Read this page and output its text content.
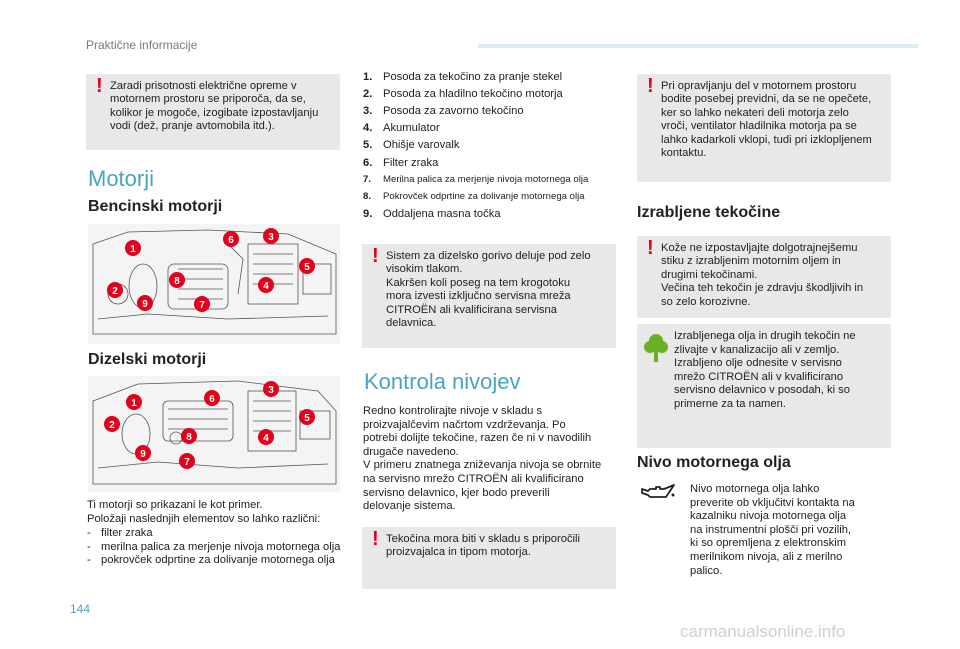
Praktične informacije
! Zaradi prisotnosti električne opreme v
motornem prostoru se priporoča, da se,
kolikor je mogoče, izogibate izpostavljanju
vodi (dež, pranje avtomobila itd.).
Motorji
Bencinski motorji
1
2
3
4
5
6
7
8
9
Dizelski motorji
1
2
3
4
5
6
7
8
9
Ti motorji so prikazani le kot primer.
Položaji naslednjih elementov so lahko različni:
- filter zraka
- merilna palica za merjenje nivoja motornega olja
- pokrovček odprtine za dolivanje motornega olja
1. Posoda za tekočino za pranje stekel
2. Posoda za hladilno tekočino motorja
3. Posoda za zavorno tekočino
4. Akumulator
5. Ohišje varovalk
6. Filter zraka
7.	Merilna palica za merjenje nivoja motornega olja
8.	Pokrovček odprtine za dolivanje motornega olja
9. Oddaljena masna točka
! Sistem za dizelsko gorivo deluje pod zelo
visokim tlakom.
Kakršen koli poseg na tem krogotoku
mora izvesti izključno servisna mreža
CITROËN ali kvalificirana servisna
delavnica.
Kontrola nivojev
Redno kontrolirajte nivoje v skladu s
proizvajalčevim načrtom vzdrževanja. Po
potrebi dolijte tekočine, razen če ni v navodilih
drugače navedeno.
V primeru znatnega zniževanja nivoja se obrnite
na servisno mrežo CITROËN ali kvalificirano
servisno delavnico, kjer bodo preverili
delovanje sistema.
! Tekočina mora biti v skladu s priporočili
proizvajalca in tipom motorja.
! Pri opravljanju del v motornem prostoru
bodite posebej previdni, da se ne opečete,
ker so lahko nekateri deli motorja zelo
vroči, ventilator hladilnika motorja pa se
lahko kadarkoli vklopi, tudi pri izklopljenem
kontaktu.
Izrabljene tekočine
! Kože ne izpostavljajte dolgotrajnejšemu
stiku z izrabljenim motornim oljem in
drugimi tekočinami.
Večina teh tekočin je zdravju škodljivih in
so zelo korozivne.
Izrabljenega olja in drugih tekočin ne
zlivajte v kanalizacijo ali v zemljo.
Izrabljeno olje odnesite v servisno
mrežo CITROËN ali v kvalificirano
servisno delavnico v posodah, ki so
primerne za ta namen.
Nivo motornega olja
Nivo motornega olja lahko
preverite ob vključitvi kontakta na
kazalniku nivoja motornega olja
na instrumentni plošči pri vozilih,
ki so opremljena z elektronskim
merilnikom nivoja, ali z merilno
palico.
144
carmanualsonline.info
